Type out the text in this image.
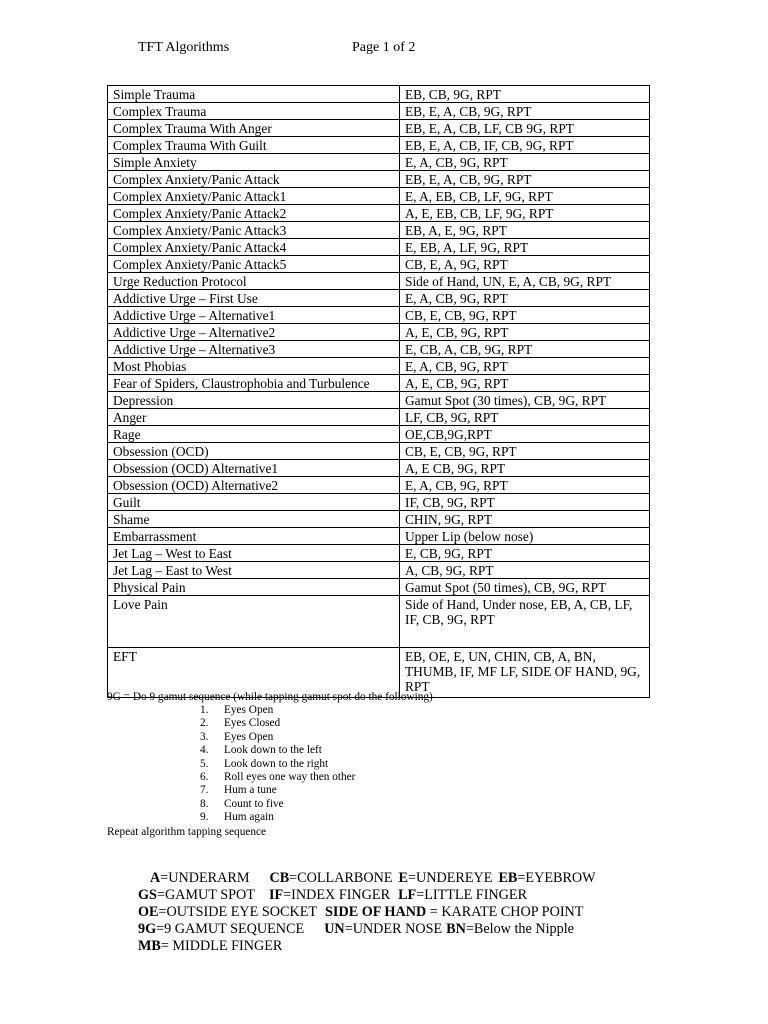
TFT Algorithms	Page 1 of 2
Simple Trauma	EB, CB, 9G, RPT
Complex Trauma	EB, E, A, CB, 9G, RPT
Complex Trauma With Anger	EB, E, A, CB, LF, CB 9G, RPT
Complex Trauma With Guilt	EB, E, A, CB, IF, CB, 9G, RPT
Simple Anxiety	E, A, CB, 9G, RPT
Complex Anxiety/Panic Attack	EB, E, A, CB, 9G, RPT
Complex Anxiety/Panic Attack1	E, A, EB, CB, LF, 9G, RPT
Complex Anxiety/Panic Attack2	A, E, EB, CB, LF, 9G, RPT
Complex Anxiety/Panic Attack3	EB, A, E, 9G, RPT
Complex Anxiety/Panic Attack4	E, EB, A, LF, 9G, RPT
Complex Anxiety/Panic Attack5	CB, E, A, 9G, RPT
Urge Reduction Protocol	Side of Hand, UN, E, A, CB, 9G, RPT
Addictive Urge – First Use	E, A, CB, 9G, RPT
Addictive Urge – Alternative1	CB, E, CB, 9G, RPT
Addictive Urge – Alternative2	A, E, CB, 9G, RPT
Addictive Urge – Alternative3	E, CB, A, CB, 9G, RPT
Most Phobias	E, A, CB, 9G, RPT
Fear of Spiders, Claustrophobia and Turbulence	A, E, CB, 9G, RPT
Depression	Gamut Spot (30 times), CB, 9G, RPT
Anger	LF, CB, 9G, RPT
Rage	OE,CB,9G,RPT
Obsession (OCD)	CB, E, CB, 9G, RPT
Obsession (OCD) Alternative1	A, E CB, 9G, RPT
Obsession (OCD) Alternative2	E, A, CB, 9G, RPT
Guilt	IF, CB, 9G, RPT
Shame	CHIN, 9G, RPT
Embarrassment	Upper Lip (below nose)
Jet Lag – West to East	E, CB, 9G, RPT
Jet Lag – East to West	A, CB, 9G, RPT
Physical Pain	Gamut Spot (50 times), CB, 9G, RPT
Love Pain	Side of Hand, Under nose, EB, A, CB, LF, IF, CB, 9G, RPT
EFT	EB, OE, E, UN, CHIN, CB, A, BN, THUMB, IF, MF LF, SIDE OF HAND, 9G, RPT
9G = Do 9 gamut sequence (while tapping gamut spot do the following)
1. Eyes Open
2. Eyes Closed
3. Eyes Open
4. Look down to the left
5. Look down to the right
6. Roll eyes one way then other
7. Hum a tune
8. Count to five
9. Hum again
Repeat algorithm tapping sequence
A=UNDERARM CB=COLLARBONE E=UNDEREYE EB=EYEBROW
GS=GAMUT SPOT IF=INDEX FINGER LF=LITTLE FINGER
OE=OUTSIDE EYE SOCKET SIDE OF HAND = KARATE CHOP POINT
9G=9 GAMUT SEQUENCE UN=UNDER NOSE BN=Below the Nipple
MB= MIDDLE FINGER
